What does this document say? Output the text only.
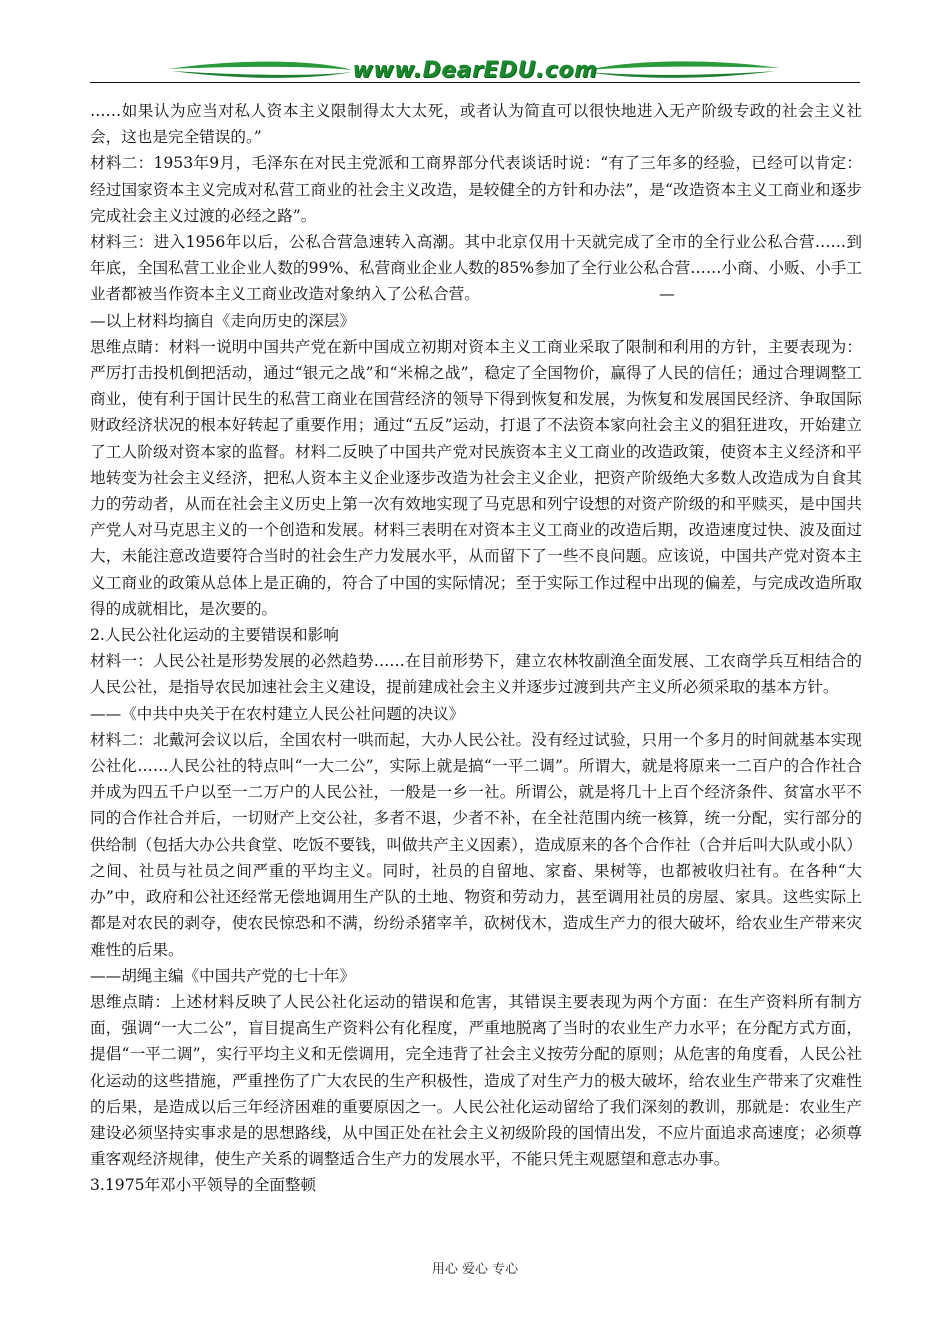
www.DearEDU.com

……如果认为应当对私人资本主义限制得太大太死，或者认为简直可以很快地进入无产阶级专政的社会主义社会，这也是完全错误的。”

材料二：1953年9月，毛泽东在对民主党派和工商界部分代表谈话时说：“有了三年多的经验，已经可以肯定：经过国家资本主义完成对私营工商业的社会主义改造，是较健全的方针和办法”，是“改造资本主义工商业和逐步完成社会主义过渡的必经之路”。

材料三：进入1956年以后，公私合营急速转入高潮。其中北京仅用十天就完成了全市的全行业公私合营……到年底，全国私营工业企业人数的99%、私营商业企业人数的85%参加了全行业公私合营……小商、小贩、小手工业者都被当作资本主义工商业改造对象纳入了公私合营。　　　　　　　　　　　　—

—以上材料均摘自《走向历史的深层》

思维点睛：材料一说明中国共产党在新中国成立初期对资本主义工商业采取了限制和利用的方针，主要表现为：严厉打击投机倒把活动，通过“银元之战”和“米棉之战”，稳定了全国物价，赢得了人民的信任；通过合理调整工商业，使有利于国计民生的私营工商业在国营经济的领导下得到恢复和发展，为恢复和发展国民经济、争取国际财政经济状况的根本好转起了重要作用；通过“五反”运动，打退了不法资本家向社会主义的猖狂进攻，开始建立了工人阶级对资本家的监督。材料二反映了中国共产党对民族资本主义工商业的改造政策，使资本主义经济和平地转变为社会主义经济，把私人资本主义企业逐步改造为社会主义企业，把资产阶级绝大多数人改造成为自食其力的劳动者，从而在社会主义历史上第一次有效地实现了马克思和列宁设想的对资产阶级的和平赎买，是中国共产党人对马克思主义的一个创造和发展。材料三表明在对资本主义工商业的改造后期，改造速度过快、波及面过大，未能注意改造要符合当时的社会生产力发展水平，从而留下了一些不良问题。应该说，中国共产党对资本主义工商业的政策从总体上是正确的，符合了中国的实际情况；至于实际工作过程中出现的偏差，与完成改造所取得的成就相比，是次要的。

2.人民公社化运动的主要错误和影响

材料一：人民公社是形势发展的必然趋势……在目前形势下，建立农林牧副渔全面发展、工农商学兵互相结合的人民公社，是指导农民加速社会主义建设，提前建成社会主义并逐步过渡到共产主义所必须采取的基本方针。

——《中共中央关于在农村建立人民公社问题的决议》

材料二：北戴河会议以后，全国农村一哄而起，大办人民公社。没有经过试验，只用一个多月的时间就基本实现公社化……人民公社的特点叫“一大二公”，实际上就是搞“一平二调”。所谓大，就是将原来一二百户的合作社合并成为四五千户以至一二万户的人民公社，一般是一乡一社。所谓公，就是将几十上百个经济条件、贫富水平不同的合作社合并后，一切财产上交公社，多者不退，少者不补，在全社范围内统一核算，统一分配，实行部分的供给制（包括大办公共食堂、吃饭不要钱，叫做共产主义因素），造成原来的各个合作社（合并后叫大队或小队）之间、社员与社员之间严重的平均主义。同时，社员的自留地、家畜、果树等，也都被收归社有。在各种“大办”中，政府和公社还经常无偿地调用生产队的土地、物资和劳动力，甚至调用社员的房屋、家具。这些实际上都是对农民的剥夺，使农民惊恐和不满，纷纷杀猪宰羊，砍树伐木，造成生产力的很大破坏，给农业生产带来灾难性的后果。

——胡绳主编《中国共产党的七十年》

思维点睛：上述材料反映了人民公社化运动的错误和危害，其错误主要表现为两个方面：在生产资料所有制方面，强调“一大二公”，盲目提高生产资料公有化程度，严重地脱离了当时的农业生产力水平；在分配方式方面，提倡“一平二调”，实行平均主义和无偿调用，完全违背了社会主义按劳分配的原则；从危害的角度看，人民公社化运动的这些措施，严重挫伤了广大农民的生产积极性，造成了对生产力的极大破坏，给农业生产带来了灾难性的后果，是造成以后三年经济困难的重要原因之一。人民公社化运动留给了我们深刻的教训，那就是：农业生产建设必须坚持实事求是的思想路线，从中国正处在社会主义初级阶段的国情出发，不应片面追求高速度；必须尊重客观经济规律，使生产关系的调整适合生产力的发展水平，不能只凭主观愿望和意志办事。

3.1975年邓小平领导的全面整顿

用心 爱心 专心
